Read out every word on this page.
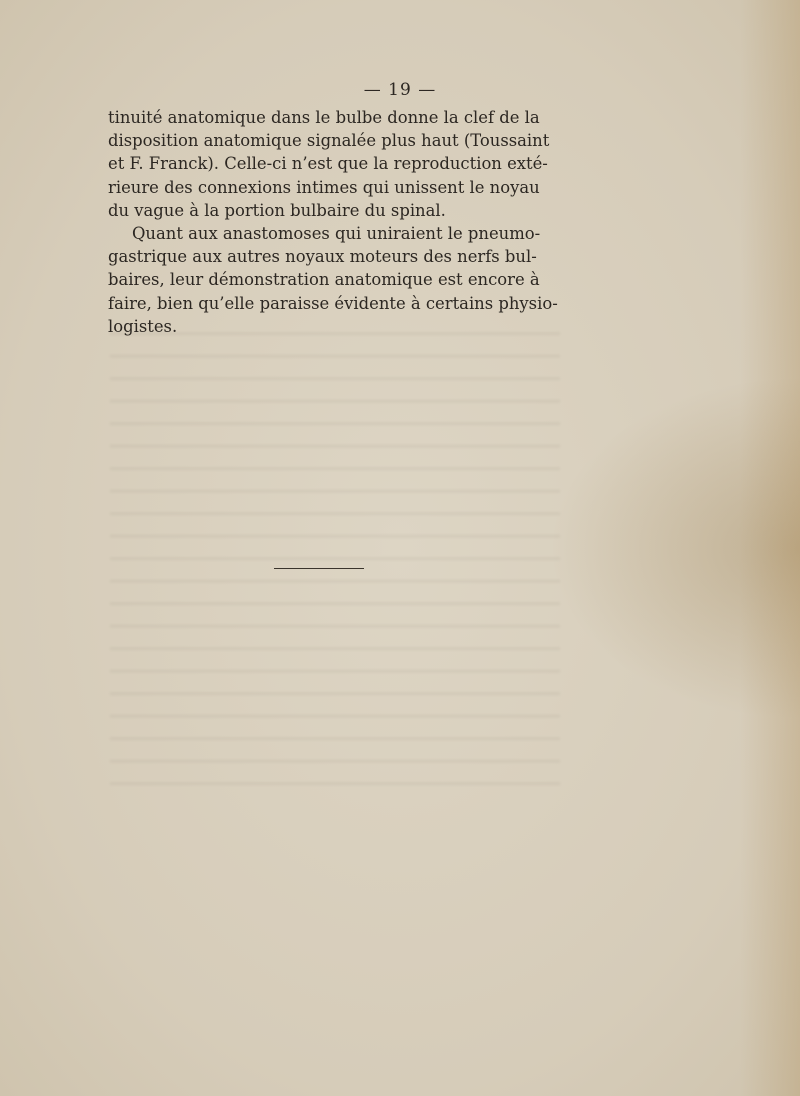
— 19 —
tinuité anatomique dans le bulbe donne la clef de la
disposition anatomique signalée plus haut (Toussaint
et F. Franck). Celle-ci n’est que la reproduction exté-
rieure des connexions intimes qui unissent le noyau
du vague à la portion bulbaire du spinal.
Quant aux anastomoses qui uniraient le pneumo-
gastrique aux autres noyaux moteurs des nerfs bul-
baires, leur démonstration anatomique est encore à
faire, bien qu’elle paraisse évidente à certains physio-
logistes.
